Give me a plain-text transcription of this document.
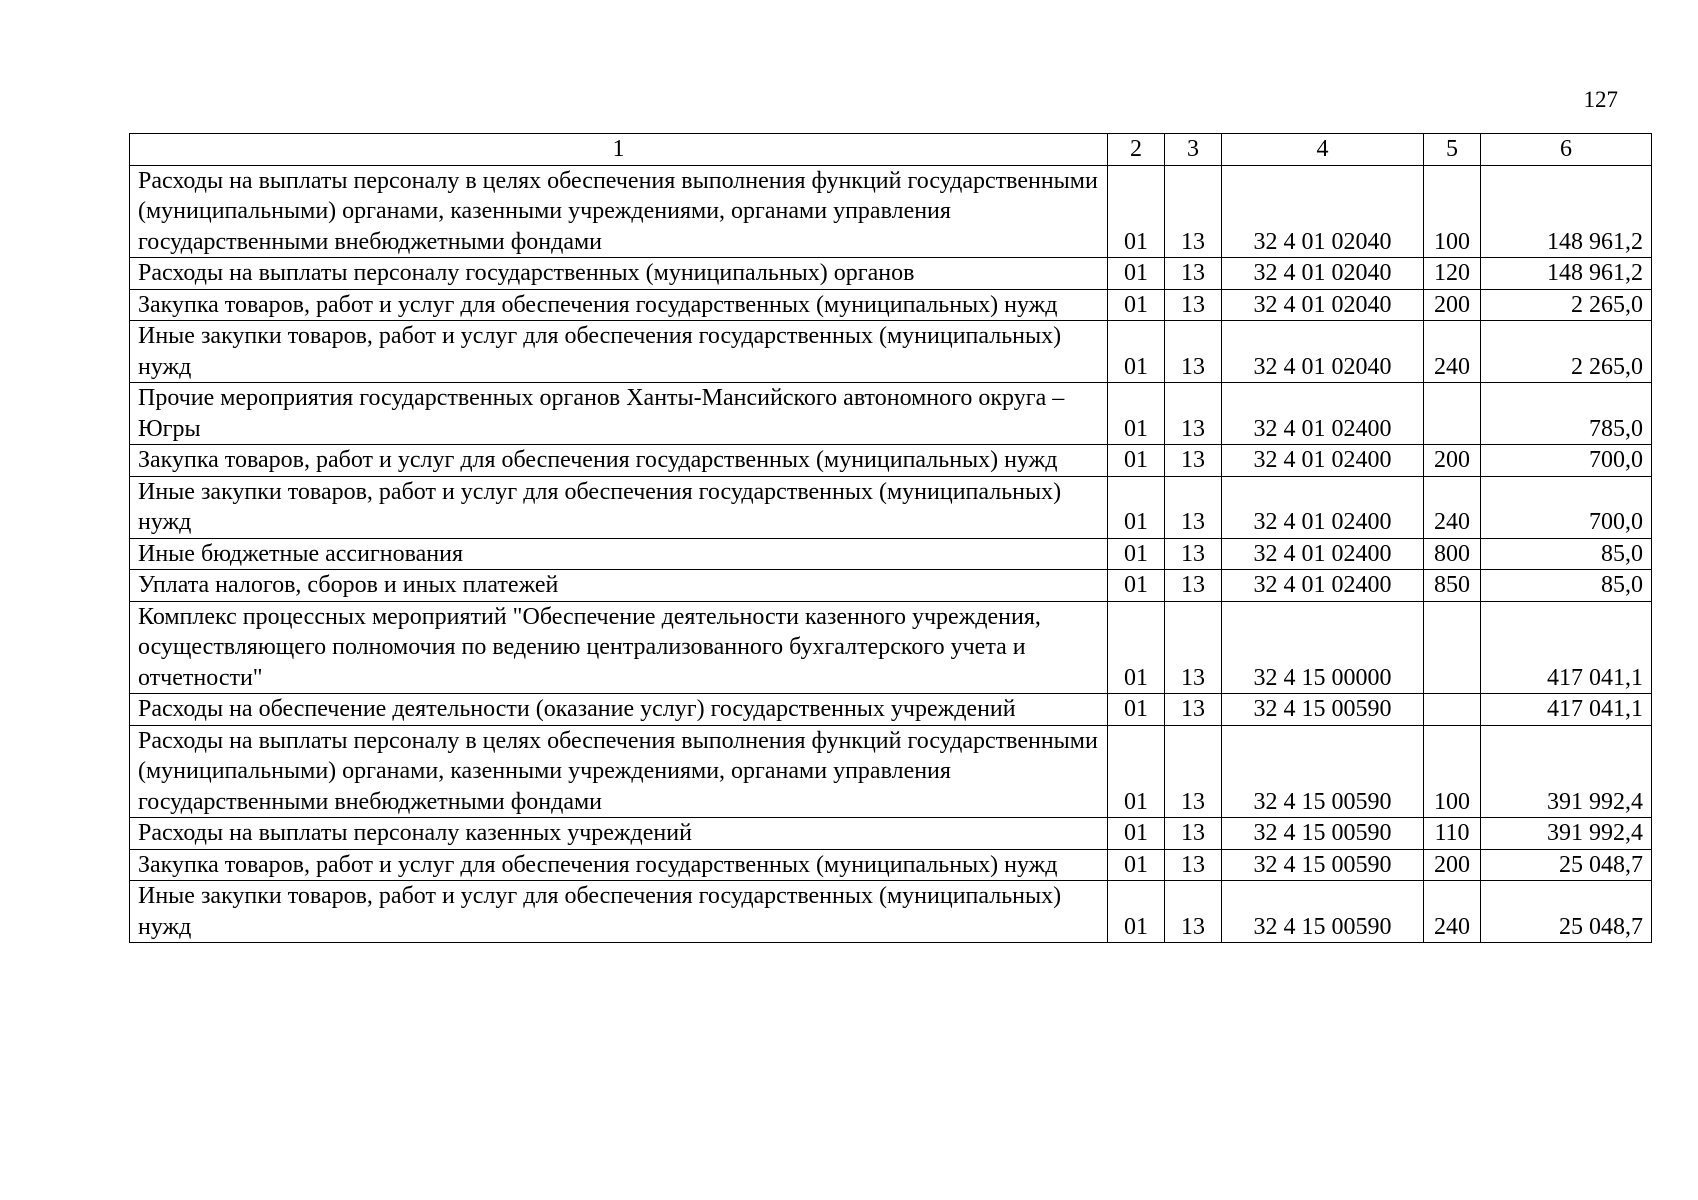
127
1	2	3	4	5	6
Расходы на выплаты персоналу в целях обеспечения выполнения функций государственными (муниципальными) органами, казенными учреждениями, органами управления государственными внебюджетными фондами	01	13	32 4 01 02040	100	148 961,2
Расходы на выплаты персоналу государственных (муниципальных) органов	01	13	32 4 01 02040	120	148 961,2
Закупка товаров, работ и услуг для обеспечения государственных (муниципальных) нужд	01	13	32 4 01 02040	200	2 265,0
Иные закупки товаров, работ и услуг для обеспечения государственных (муниципальных) нужд	01	13	32 4 01 02040	240	2 265,0
Прочие мероприятия государственных органов Ханты-Мансийского автономного округа – Югры	01	13	32 4 01 02400		785,0
Закупка товаров, работ и услуг для обеспечения государственных (муниципальных) нужд	01	13	32 4 01 02400	200	700,0
Иные закупки товаров, работ и услуг для обеспечения государственных (муниципальных) нужд	01	13	32 4 01 02400	240	700,0
Иные бюджетные ассигнования	01	13	32 4 01 02400	800	85,0
Уплата налогов, сборов и иных платежей	01	13	32 4 01 02400	850	85,0
Комплекс процессных мероприятий "Обеспечение деятельности казенного учреждения, осуществляющего полномочия по ведению централизованного бухгалтерского учета и отчетности"	01	13	32 4 15 00000		417 041,1
Расходы на обеспечение деятельности (оказание услуг) государственных учреждений	01	13	32 4 15 00590		417 041,1
Расходы на выплаты персоналу в целях обеспечения выполнения функций государственными (муниципальными) органами, казенными учреждениями, органами управления государственными внебюджетными фондами	01	13	32 4 15 00590	100	391 992,4
Расходы на выплаты персоналу казенных учреждений	01	13	32 4 15 00590	110	391 992,4
Закупка товаров, работ и услуг для обеспечения государственных (муниципальных) нужд	01	13	32 4 15 00590	200	25 048,7
Иные закупки товаров, работ и услуг для обеспечения государственных (муниципальных) нужд	01	13	32 4 15 00590	240	25 048,7
